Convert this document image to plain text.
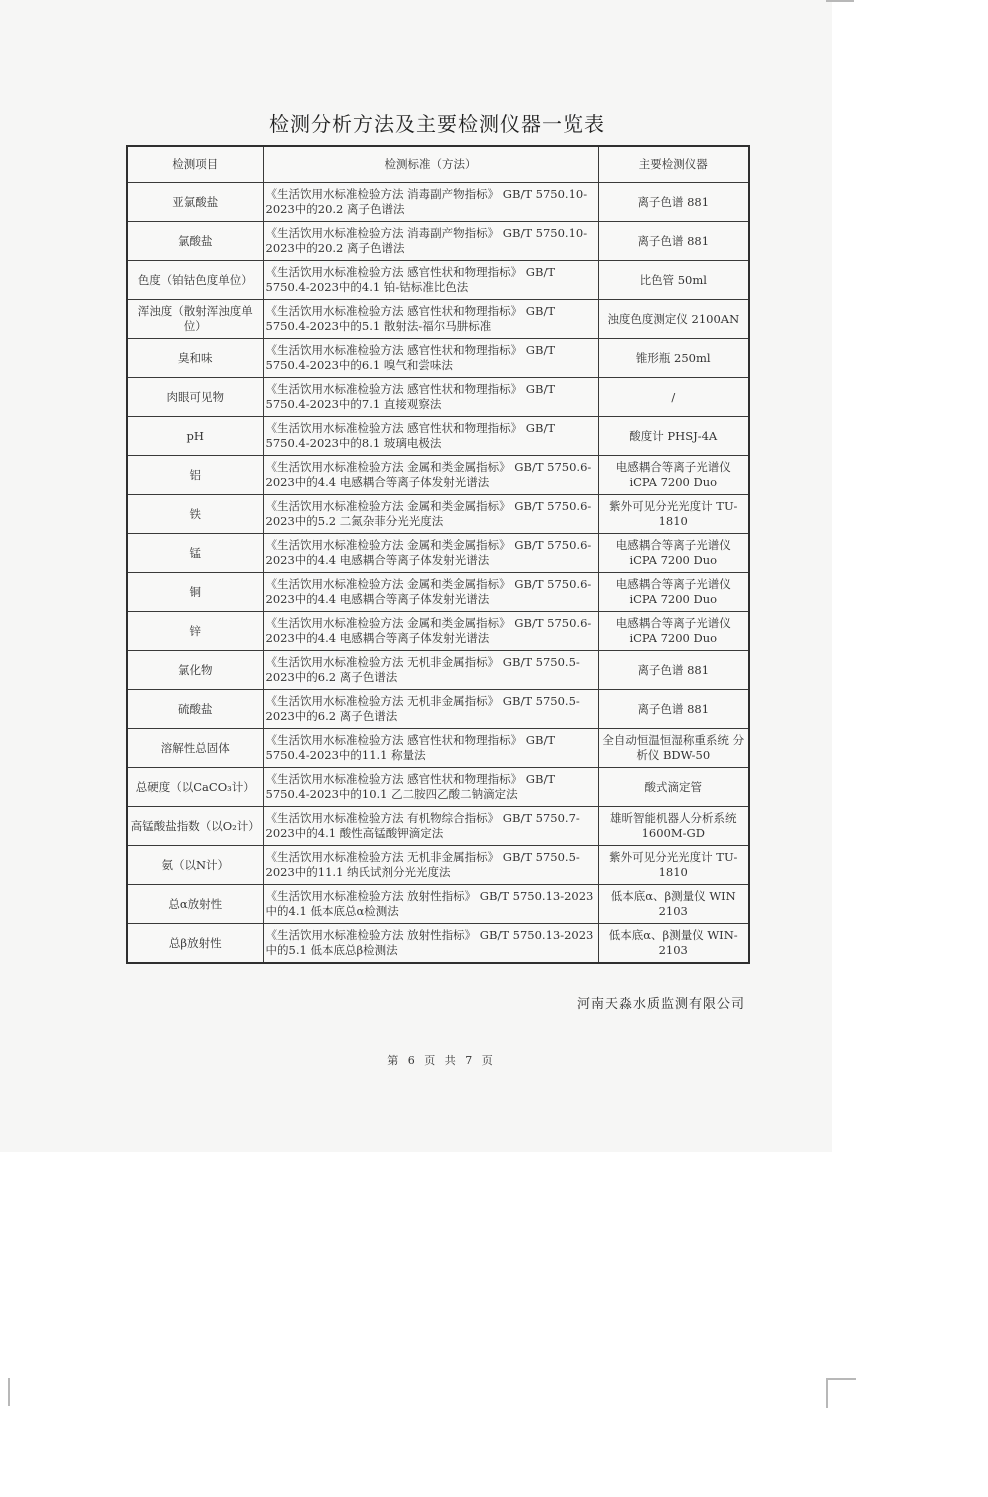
检测分析方法及主要检测仪器一览表
检测项目	检测标准（方法）	主要检测仪器
亚氯酸盐	《生活饮用水标准检验方法 消毒副产物指标》 GB/T 5750.10-2023中的20.2 离子色谱法	离子色谱 881
氯酸盐	《生活饮用水标准检验方法 消毒副产物指标》 GB/T 5750.10-2023中的20.2 离子色谱法	离子色谱 881
色度（铂钴色度单位）	《生活饮用水标准检验方法 感官性状和物理指标》 GB/T 5750.4-2023中的4.1 铂-钴标准比色法	比色管 50ml
浑浊度（散射浑浊度单位）	《生活饮用水标准检验方法 感官性状和物理指标》 GB/T 5750.4-2023中的5.1 散射法-福尔马肼标准	浊度色度测定仪 2100AN
臭和味	《生活饮用水标准检验方法 感官性状和物理指标》 GB/T 5750.4-2023中的6.1 嗅气和尝味法	锥形瓶 250ml
肉眼可见物	《生活饮用水标准检验方法 感官性状和物理指标》 GB/T 5750.4-2023中的7.1 直接观察法	/
pH	《生活饮用水标准检验方法 感官性状和物理指标》 GB/T 5750.4-2023中的8.1 玻璃电极法	酸度计 PHSJ-4A
铝	《生活饮用水标准检验方法 金属和类金属指标》 GB/T 5750.6-2023中的4.4 电感耦合等离子体发射光谱法	电感耦合等离子光谱仪 iCPA 7200 Duo
铁	《生活饮用水标准检验方法 金属和类金属指标》 GB/T 5750.6-2023中的5.2 二氮杂菲分光光度法	紫外可见分光光度计 TU-1810
锰	《生活饮用水标准检验方法 金属和类金属指标》 GB/T 5750.6-2023中的4.4 电感耦合等离子体发射光谱法	电感耦合等离子光谱仪 iCPA 7200 Duo
铜	《生活饮用水标准检验方法 金属和类金属指标》 GB/T 5750.6-2023中的4.4 电感耦合等离子体发射光谱法	电感耦合等离子光谱仪 iCPA 7200 Duo
锌	《生活饮用水标准检验方法 金属和类金属指标》 GB/T 5750.6-2023中的4.4 电感耦合等离子体发射光谱法	电感耦合等离子光谱仪 iCPA 7200 Duo
氯化物	《生活饮用水标准检验方法 无机非金属指标》 GB/T 5750.5-2023中的6.2 离子色谱法	离子色谱 881
硫酸盐	《生活饮用水标准检验方法 无机非金属指标》 GB/T 5750.5-2023中的6.2 离子色谱法	离子色谱 881
溶解性总固体	《生活饮用水标准检验方法 感官性状和物理指标》 GB/T 5750.4-2023中的11.1 称量法	全自动恒温恒湿称重系统 分析仪 BDW-50
总硬度（以CaCO₃计）	《生活饮用水标准检验方法 感官性状和物理指标》 GB/T 5750.4-2023中的10.1 乙二胺四乙酸二钠滴定法	酸式滴定管
高锰酸盐指数（以O₂计）	《生活饮用水标准检验方法 有机物综合指标》 GB/T 5750.7-2023中的4.1 酸性高锰酸钾滴定法	雄昕智能机器人分析系统 1600M-GD
氨（以N计）	《生活饮用水标准检验方法 无机非金属指标》 GB/T 5750.5-2023中的11.1 纳氏试剂分光光度法	紫外可见分光光度计 TU-1810
总α放射性	《生活饮用水标准检验方法 放射性指标》 GB/T 5750.13-2023中的4.1 低本底总α检测法	低本底α、β测量仪 WIN 2103
总β放射性	《生活饮用水标准检验方法 放射性指标》 GB/T 5750.13-2023中的5.1 低本底总β检测法	低本底α、β测量仪 WIN-2103
河南天淼水质监测有限公司
第 6 页 共 7 页
